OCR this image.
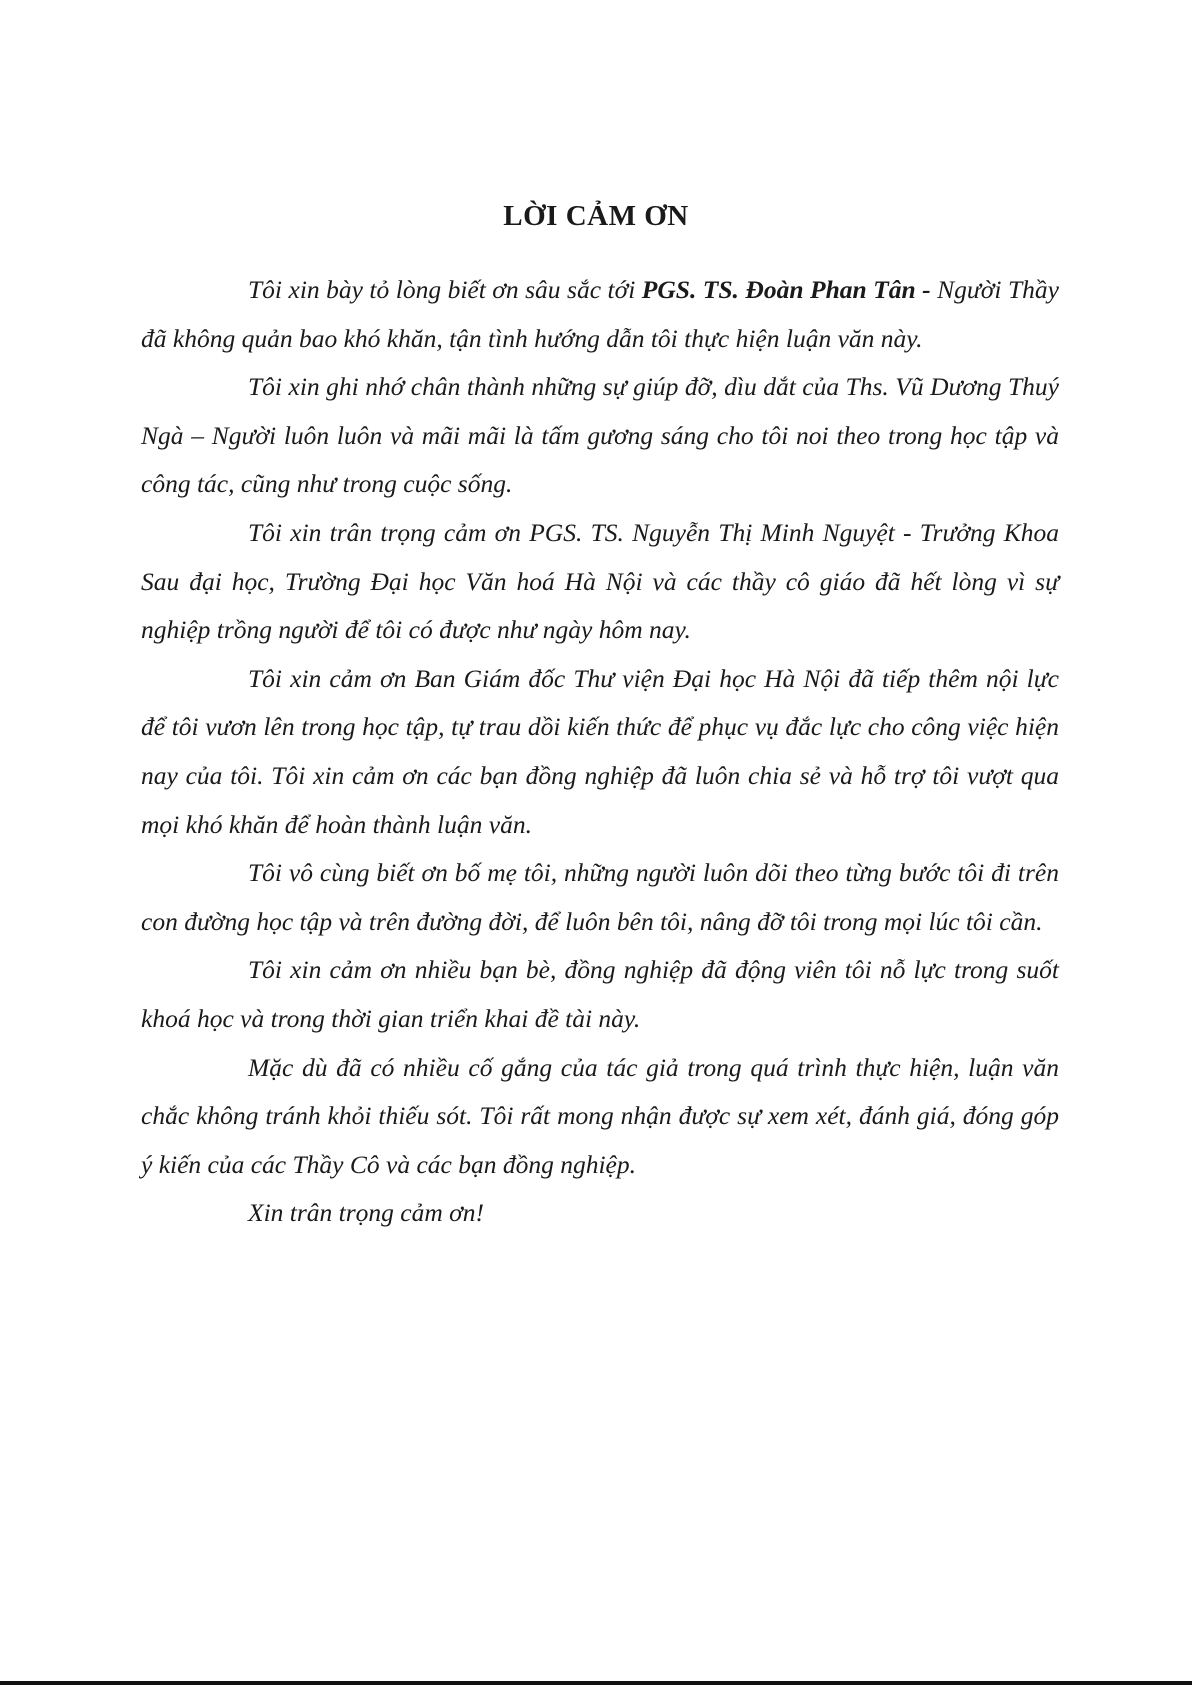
LỜI CẢM ƠN

Tôi xin bày tỏ lòng biết ơn sâu sắc tới PGS. TS. Đoàn Phan Tân - Người Thầy đã không quản bao khó khăn, tận tình hướng dẫn tôi thực hiện luận văn này.

Tôi xin ghi nhớ chân thành những sự giúp đỡ, dìu dắt của Ths. Vũ Dương Thuý Ngà – Người luôn luôn và mãi mãi là tấm gương sáng cho tôi noi theo trong học tập và công tác, cũng như trong cuộc sống.

Tôi xin trân trọng cảm ơn PGS. TS. Nguyễn Thị Minh Nguyệt - Trưởng Khoa Sau đại học, Trường Đại học Văn hoá Hà Nội và các thầy cô giáo đã hết lòng vì sự nghiệp trồng người để tôi có được như ngày hôm nay.

Tôi xin cảm ơn Ban Giám đốc Thư viện Đại học Hà Nội đã tiếp thêm nội lực để tôi vươn lên trong học tập, tự trau dồi kiến thức để phục vụ đắc lực cho công việc hiện nay của tôi. Tôi xin cảm ơn các bạn đồng nghiệp đã luôn chia sẻ và hỗ trợ tôi vượt qua mọi khó khăn để hoàn thành luận văn.

Tôi vô cùng biết ơn bố mẹ tôi, những người luôn dõi theo từng bước tôi đi trên con đường học tập và trên đường đời, để luôn bên tôi, nâng đỡ tôi trong mọi lúc tôi cần.

Tôi xin cảm ơn nhiều bạn bè, đồng nghiệp đã động viên tôi nỗ lực trong suốt khoá học và trong thời gian triển khai đề tài này.

Mặc dù đã có nhiều cố gắng của tác giả trong quá trình thực hiện, luận văn chắc không tránh khỏi thiếu sót. Tôi rất mong nhận được sự xem xét, đánh giá, đóng góp ý kiến của các Thầy Cô và các bạn đồng nghiệp.

Xin trân trọng cảm ơn!
